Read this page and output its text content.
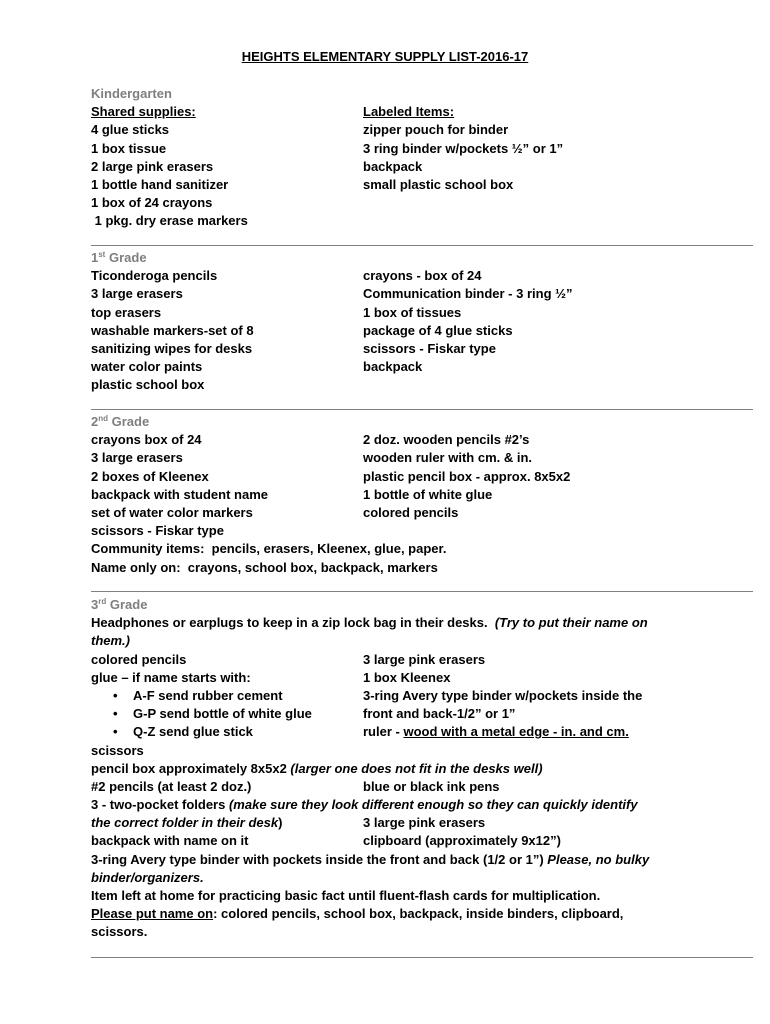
HEIGHTS ELEMENTARY SUPPLY LIST-2016-17
Kindergarten
Shared supplies:	Labeled Items:
4 glue sticks	zipper pouch for binder
1 box tissue	3 ring binder w/pockets ½” or 1”
2 large pink erasers	backpack
1 bottle hand sanitizer	small plastic school box
1 box of 24 crayons
1 pkg. dry erase markers
1st Grade
Ticonderoga pencils	crayons - box of 24
3 large erasers	Communication binder - 3 ring ½”
top erasers	1 box of tissues
washable markers-set of 8	package of 4 glue sticks
sanitizing wipes for desks	scissors - Fiskar type
water color paints	backpack
plastic school box
2nd Grade
crayons box of 24	2 doz. wooden pencils #2’s
3 large erasers	wooden ruler with cm. & in.
2 boxes of Kleenex	plastic pencil box - approx. 8x5x2
backpack with student name	1 bottle of white glue
set of water color markers	colored pencils
scissors - Fiskar type
Community items:  pencils, erasers, Kleenex, glue, paper.
Name only on:  crayons, school box, backpack, markers
3rd Grade
Headphones or earplugs to keep in a zip lock bag in their desks.  (Try to put their name on
them.)
colored pencils	3 large pink erasers
glue – if name starts with:	1 box Kleenex
• A-F send rubber cement	3-ring Avery type binder w/pockets inside the
• G-P send bottle of white glue	front and back-1/2” or 1”
• Q-Z send glue stick	ruler - wood with a metal edge - in. and cm.
scissors
pencil box approximately 8x5x2 (larger one does not fit in the desks well)
#2 pencils (at least 2 doz.)	blue or black ink pens
3 - two-pocket folders (make sure they look different enough so they can quickly identify
the correct folder in their desk)	3 large pink erasers
backpack with name on it	clipboard (approximately 9x12”)
3-ring Avery type binder with pockets inside the front and back (1/2 or 1”) Please, no bulky
binder/organizers.
Item left at home for practicing basic fact until fluent-flash cards for multiplication.
Please put name on: colored pencils, school box, backpack, inside binders, clipboard,
scissors.
